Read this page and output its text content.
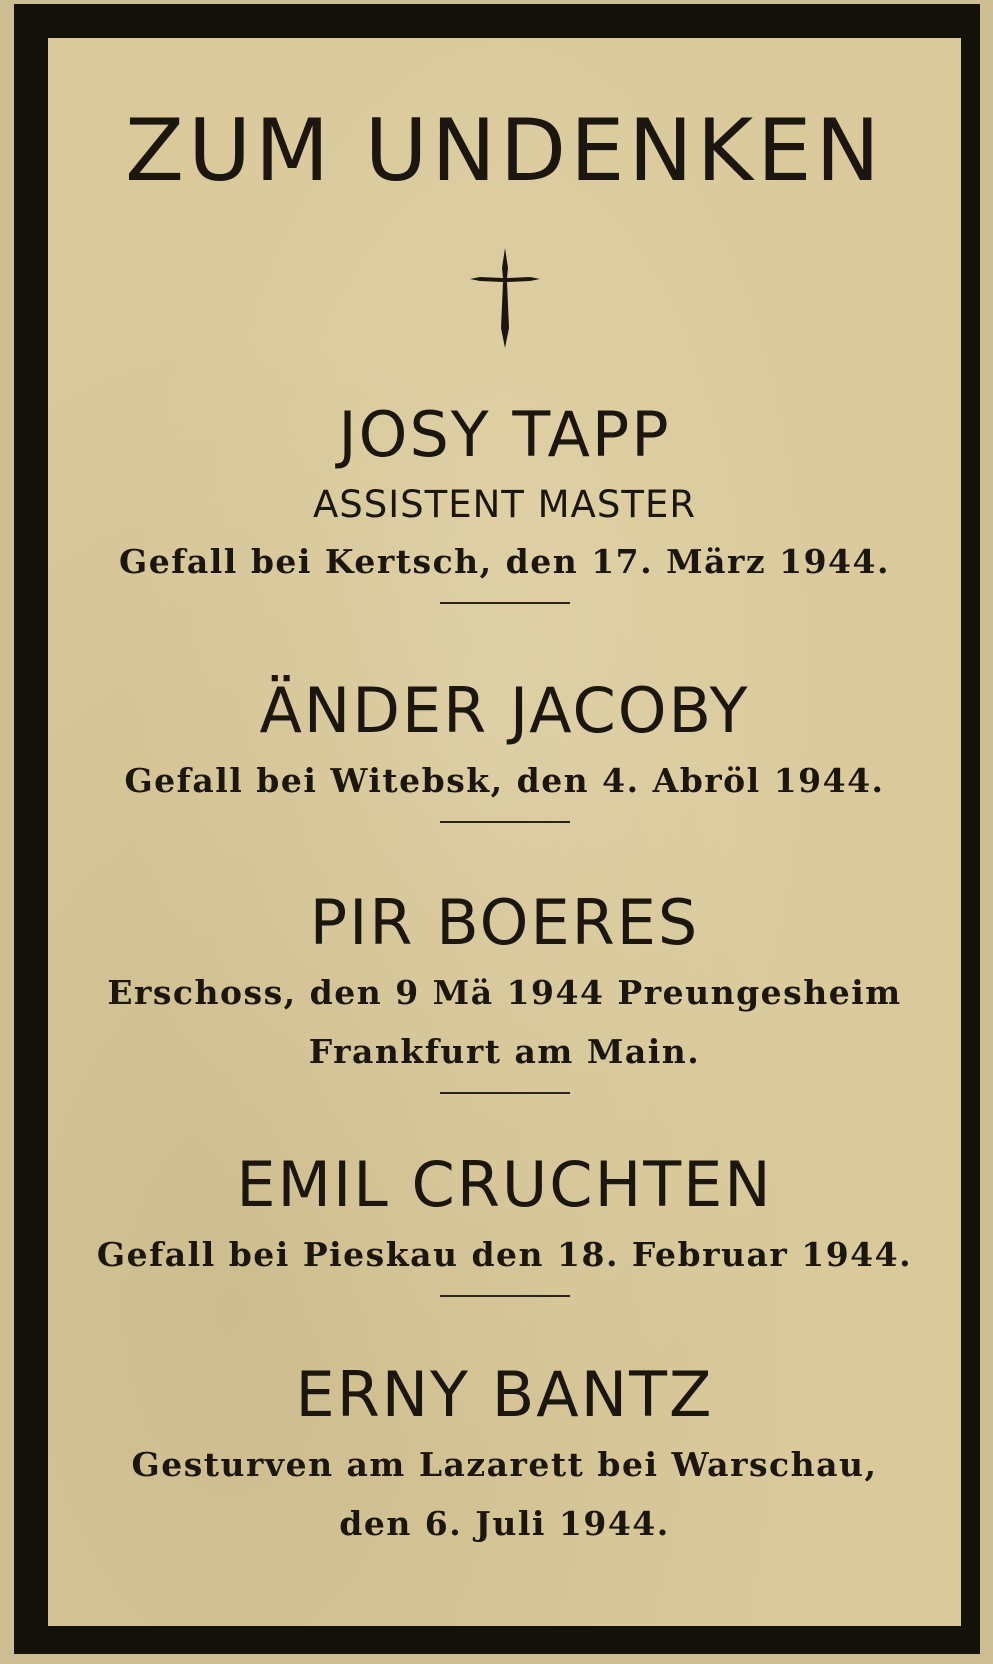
ZUM UNDENKEN
JOSY TAPP
ASSISTENT MASTER
Gefall bei Kertsch, den 17. März 1944.
ÄNDER JACOBY
Gefall bei Witebsk, den 4. Abröl 1944.
PIR BOERES
Erschoss, den 9 Mä 1944 Preungesheim
Frankfurt am Main.
EMIL CRUCHTEN
Gefall bei Pieskau den 18. Februar 1944.
ERNY BANTZ
Gesturven am Lazarett bei Warschau,
den 6. Juli 1944.
